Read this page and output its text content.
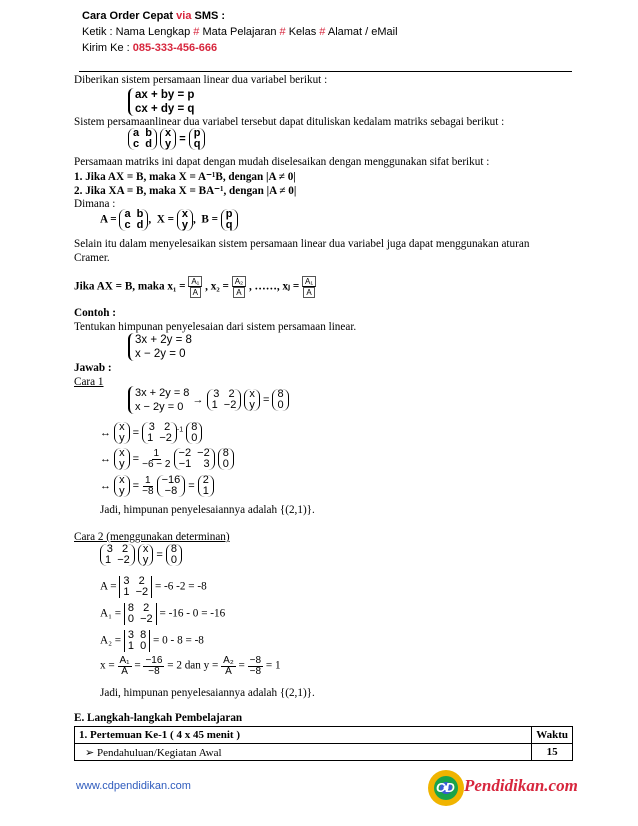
Cara Order Cepat via SMS :
Ketik : Nama Lengkap # Mata Pelajaran # Kelas # Alamat / eMail
Kirim Ke : 085-333-456-666
Diberikan sistem persamaan linear dua variabel berikut :
ax + by = p
cx + dy = q
Sistem persamaanlinear dua variabel tersebut dapat dituliskan kedalam matriks sebagai berikut :
a  b
c  d x
y = p
q
Persamaan matriks ini dapat dengan mudah diselesaikan dengan menggunakan sifat berikut :
1. Jika AX = B, maka X = A⁻¹B, dengan |A ≠ 0|
2. Jika XA = B, maka X = BA⁻¹, dengan |A ≠ 0|
Dimana :
A = a  b
c  d ,  X = x
y ,  B = p
q
Selain itu dalam menyelesaikan sistem persamaan linear dua variabel juga dapat menggunakan aturan
Cramer.
Jika AX = B, maka $x_1 = \frac{\text{A₁}}{A}$ , $x_2 = \frac{\text{A₂}}{A}$ , ……, xⱼ = $\frac{\text{A₁}}{A}$
Contoh :
Tentukan himpunan penyelesaian dari sistem persamaan linear.
3x + 2y = 8
x − 2y = 0
Jawab :
Cara 1
3x + 2y = 8
x − 2y = 0 → 3   2
1  −2 x
y = 8
0
↔ x
y = 3   2
$1 -2^{-1}$ 8
0
↔ x
y = 1
−6 − 2 −2  −2
−1    3 8
0
↔ x
y = 1
−8 −16
−8 = 2
1
Jadi, himpunan penyelesaiannya adalah {(2,1)}.
Cara 2 (menggunakan determinan)
3   2
1  −2 x
y = 8
0
A = 3   2
1  −2 = -6 -2 = -8
A₁ = 8   2
0  −2 = -16 - 0 = -16
A₂ = 3  8
1  0 = 0 - 8 = -8
x = A₁
A = −16
−8 = 2 dan y = A₂
A = −8
−8 = 1
Jadi, himpunan penyelesaiannya adalah {(2,1)}.
E. Langkah-langkah Pembelajaran
1. Pertemuan Ke-1 ( 4 x 45 menit )	Waktu
➢ Pendahuluan/Kegiatan Awal	15
www.cdpendidikan.com	CD Pendidikan.com
